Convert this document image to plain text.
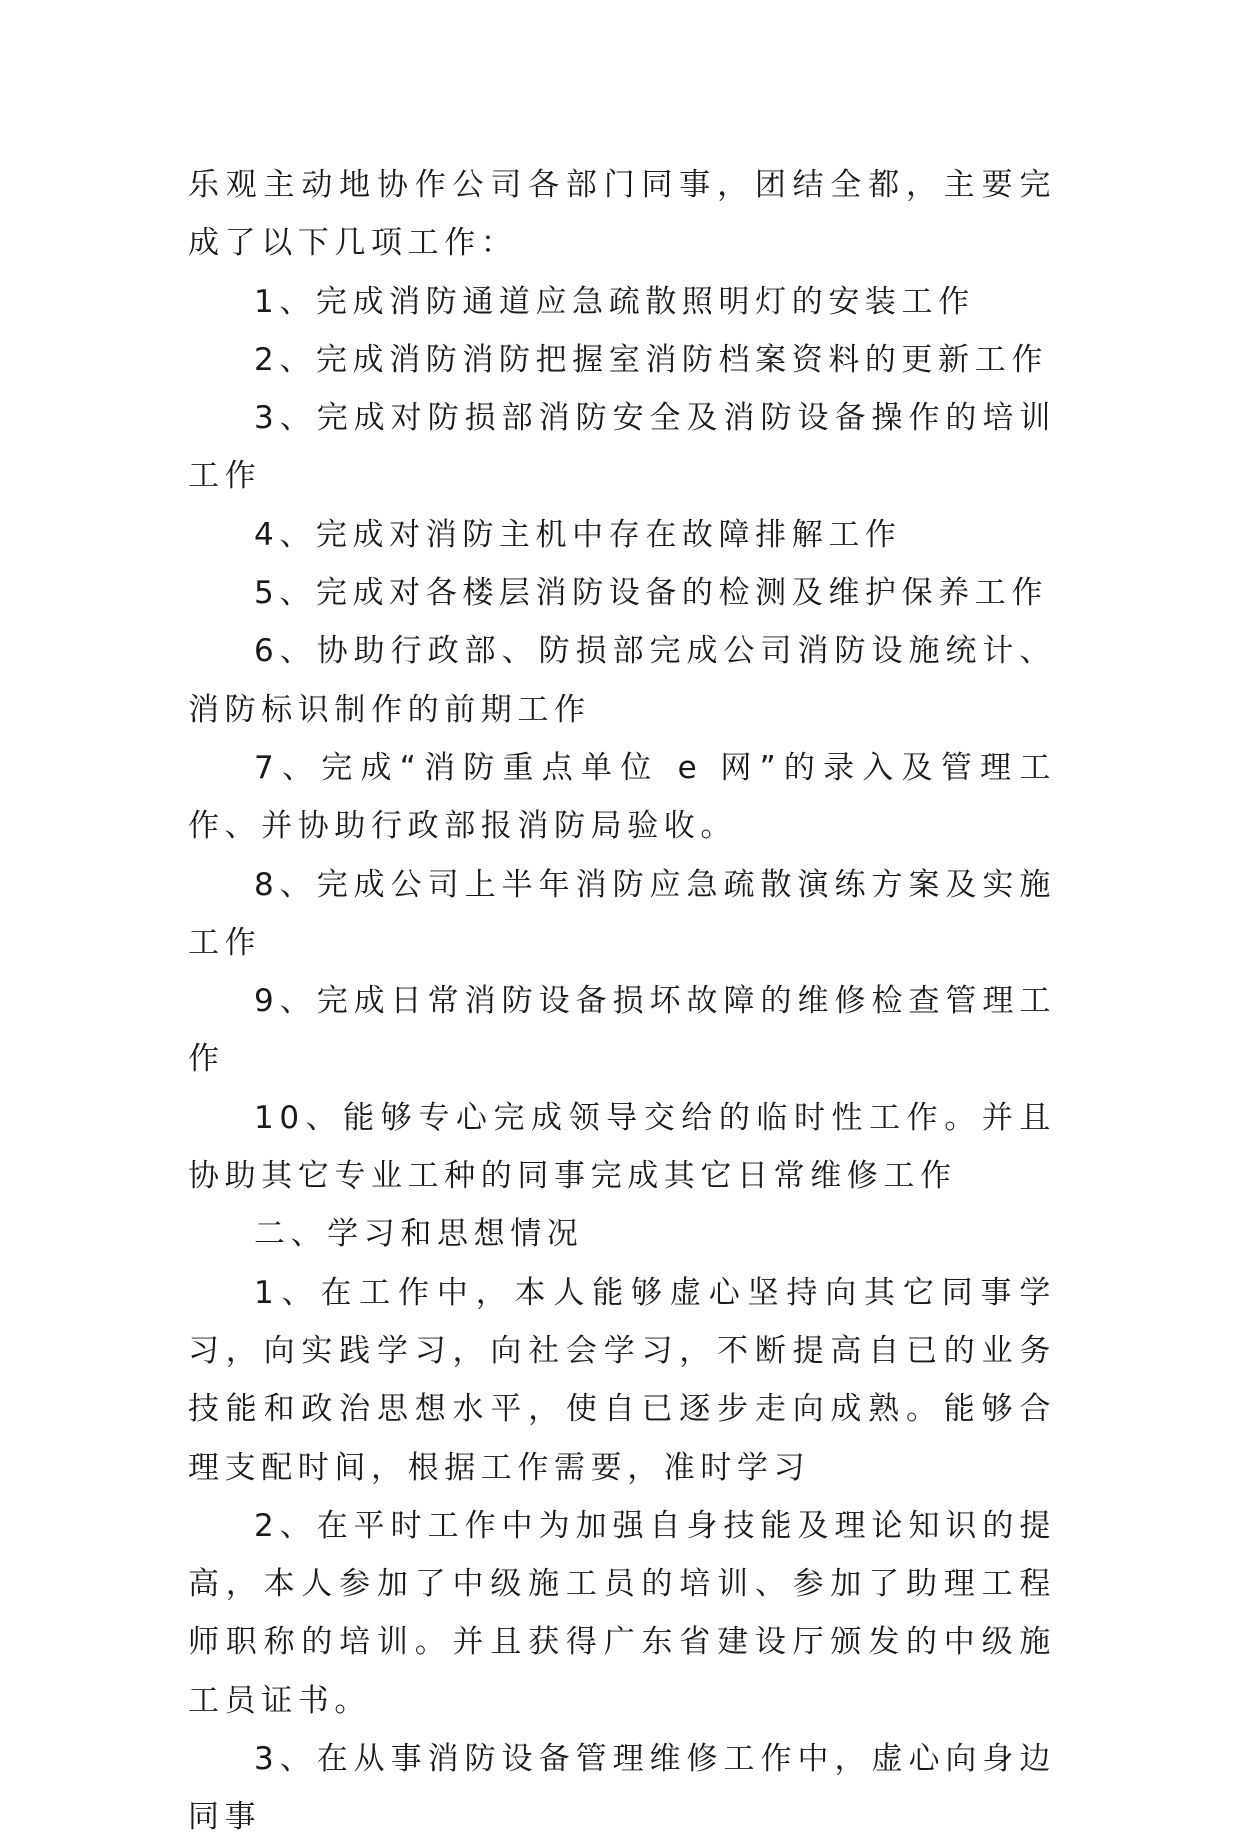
乐观主动地协作公司各部门同事，团结全都，主要完成了以下几项工作：

1、完成消防通道应急疏散照明灯的安装工作

2、完成消防消防把握室消防档案资料的更新工作

3、完成对防损部消防安全及消防设备操作的培训工作

4、完成对消防主机中存在故障排解工作

5、完成对各楼层消防设备的检测及维护保养工作

6、协助行政部、防损部完成公司消防设施统计、消防标识制作的前期工作

7、完成“消防重点单位 e 网”的录入及管理工作、并协助行政部报消防局验收。

8、完成公司上半年消防应急疏散演练方案及实施工作

9、完成日常消防设备损坏故障的维修检查管理工作

10、能够专心完成领导交给的临时性工作。并且协助其它专业工种的同事完成其它日常维修工作

二、学习和思想情况

1、在工作中，本人能够虚心坚持向其它同事学习，向实践学习，向社会学习，不断提高自已的业务技能和政治思想水平，使自已逐步走向成熟。能够合理支配时间，根据工作需要，准时学习

2、在平时工作中为加强自身技能及理论知识的提高，本人参加了中级施工员的培训、参加了助理工程师职称的培训。并且获得广东省建设厅颁发的中级施工员证书。

3、在从事消防设备管理维修工作中，虚心向身边同事
